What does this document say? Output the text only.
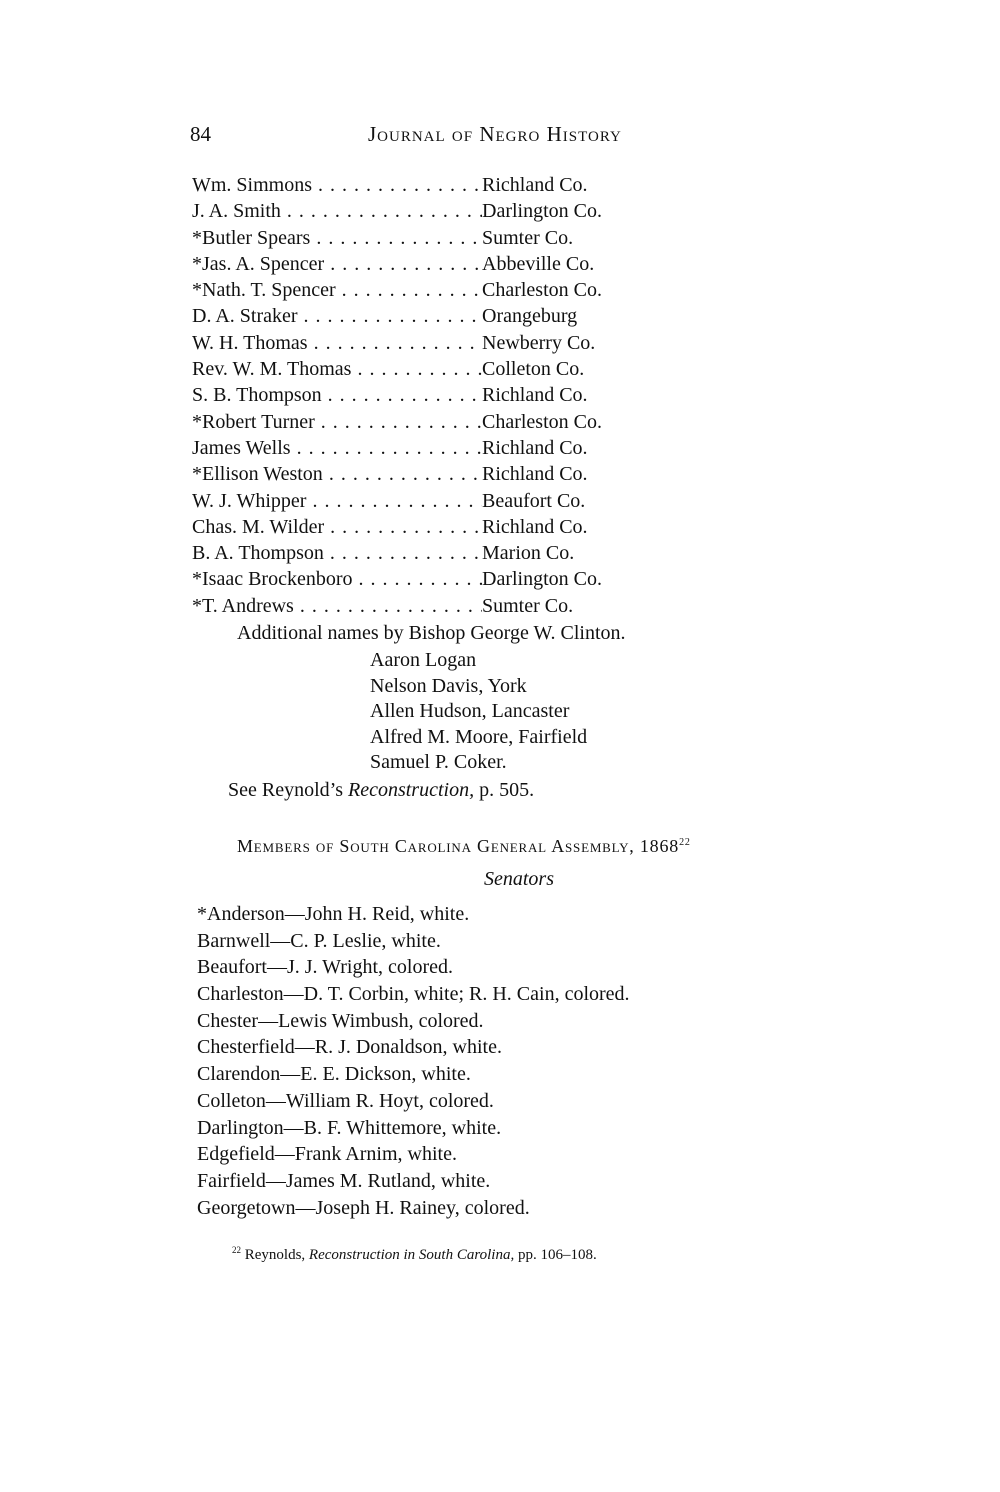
84	Journal of Negro History
Wm. Simmons . . .	Richland Co.
J. A. Smith . . .	Darlington Co.
*Butler Spears . . .	Sumter Co.
*Jas. A. Spencer . . .	Abbeville Co.
*Nath. T. Spencer . . .	Charleston Co.
D. A. Straker . . .	Orangeburg
W. H. Thomas . . .	Newberry Co.
Rev. W. M. Thomas . . .	Colleton Co.
S. B. Thompson . . .	Richland Co.
*Robert Turner . . .	Charleston Co.
James Wells . . .	Richland Co.
*Ellison Weston . . .	Richland Co.
W. J. Whipper . . .	Beaufort Co.
Chas. M. Wilder . . .	Richland Co.
B. A. Thompson . . .	Marion Co.
*Isaac Brockenboro . . .	Darlington Co.
*T. Andrews . . .	Sumter Co.
Additional names by Bishop George W. Clinton.
Aaron Logan
Nelson Davis, York
Allen Hudson, Lancaster
Alfred M. Moore, Fairfield
Samuel P. Coker.
See Reynold’s Reconstruction, p. 505.
Members of South Carolina General Assembly, 1868$^{22}$
Senators
*Anderson—John H. Reid, white.
Barnwell—C. P. Leslie, white.
Beaufort—J. J. Wright, colored.
Charleston—D. T. Corbin, white; R. H. Cain, colored.
Chester—Lewis Wimbush, colored.
Chesterfield—R. J. Donaldson, white.
Clarendon—E. E. Dickson, white.
Colleton—William R. Hoyt, colored.
Darlington—B. F. Whittemore, white.
Edgefield—Frank Arnim, white.
Fairfield—James M. Rutland, white.
Georgetown—Joseph H. Rainey, colored.
$^{22}$ Reynolds, Reconstruction in South Carolina, pp. 106–108.
